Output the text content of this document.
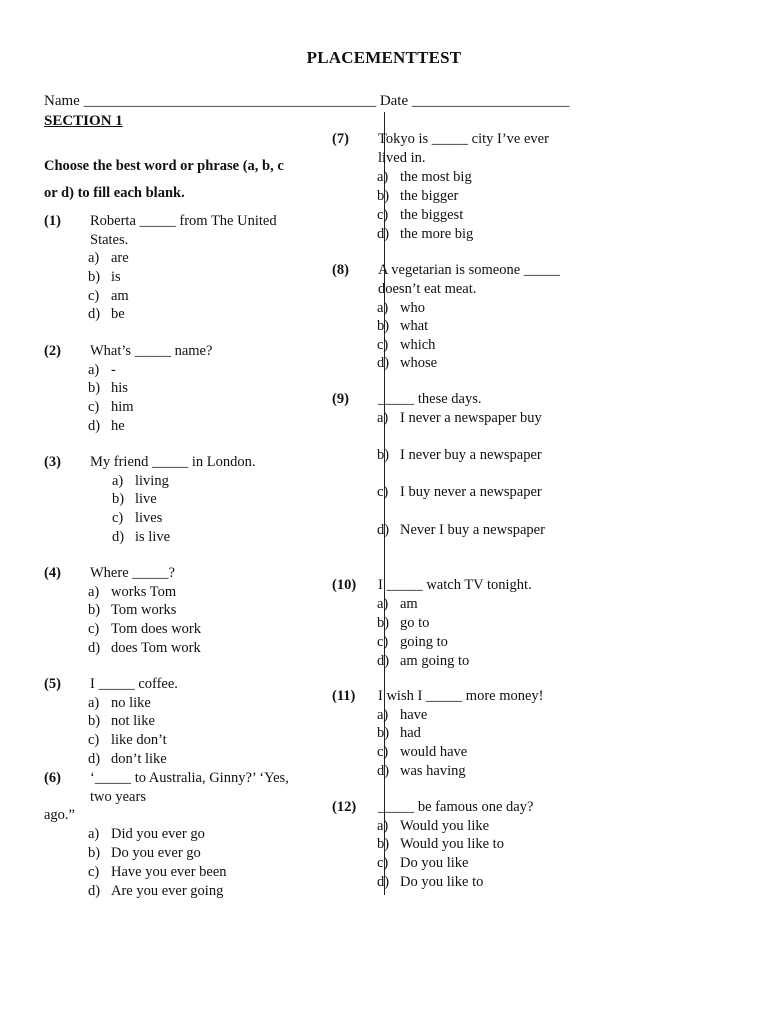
PLACEMENTTEST
Name _______________________________________ Date _____________________
SECTION 1
Choose the best word or phrase (a, b, c
or d) to fill each blank.
(1) Roberta _____ from The United
States.
a) are
b) is
c) am
d) be
(2) What’s _____ name?
a) -
b) his
c) him
d) he
(3) My friend _____ in London.
a) living
b) live
c) lives
d) is live
(4) Where _____?
a) works Tom
b) Tom works
c) Tom does work
d) does Tom work
(5) I _____ coffee.
a) no like
b) not like
c) like don’t
d) don’t like
(6) ‘_____ to Australia, Ginny?’ ‘Yes,
two years
ago.”
a) Did you ever go
b) Do you ever go
c) Have you ever been
d) Are you ever going
(7) Tokyo is _____ city I’ve ever
lived in.
a) the most big
b) the bigger
c) the biggest
d) the more big
(8) A vegetarian is someone _____
doesn’t eat meat.
a) who
b) what
c) which
d) whose
(9) _____ these days.
a) I never a newspaper buy
b) I never buy a newspaper
c) I buy never a newspaper
d) Never I buy a newspaper
(10) I _____ watch TV tonight.
a) am
b) go to
c) going to
d) am going to
(11) I wish I _____ more money!
a) have
b) had
c) would have
d) was having
(12) _____ be famous one day?
a) Would you like
b) Would you like to
c) Do you like
d) Do you like to
